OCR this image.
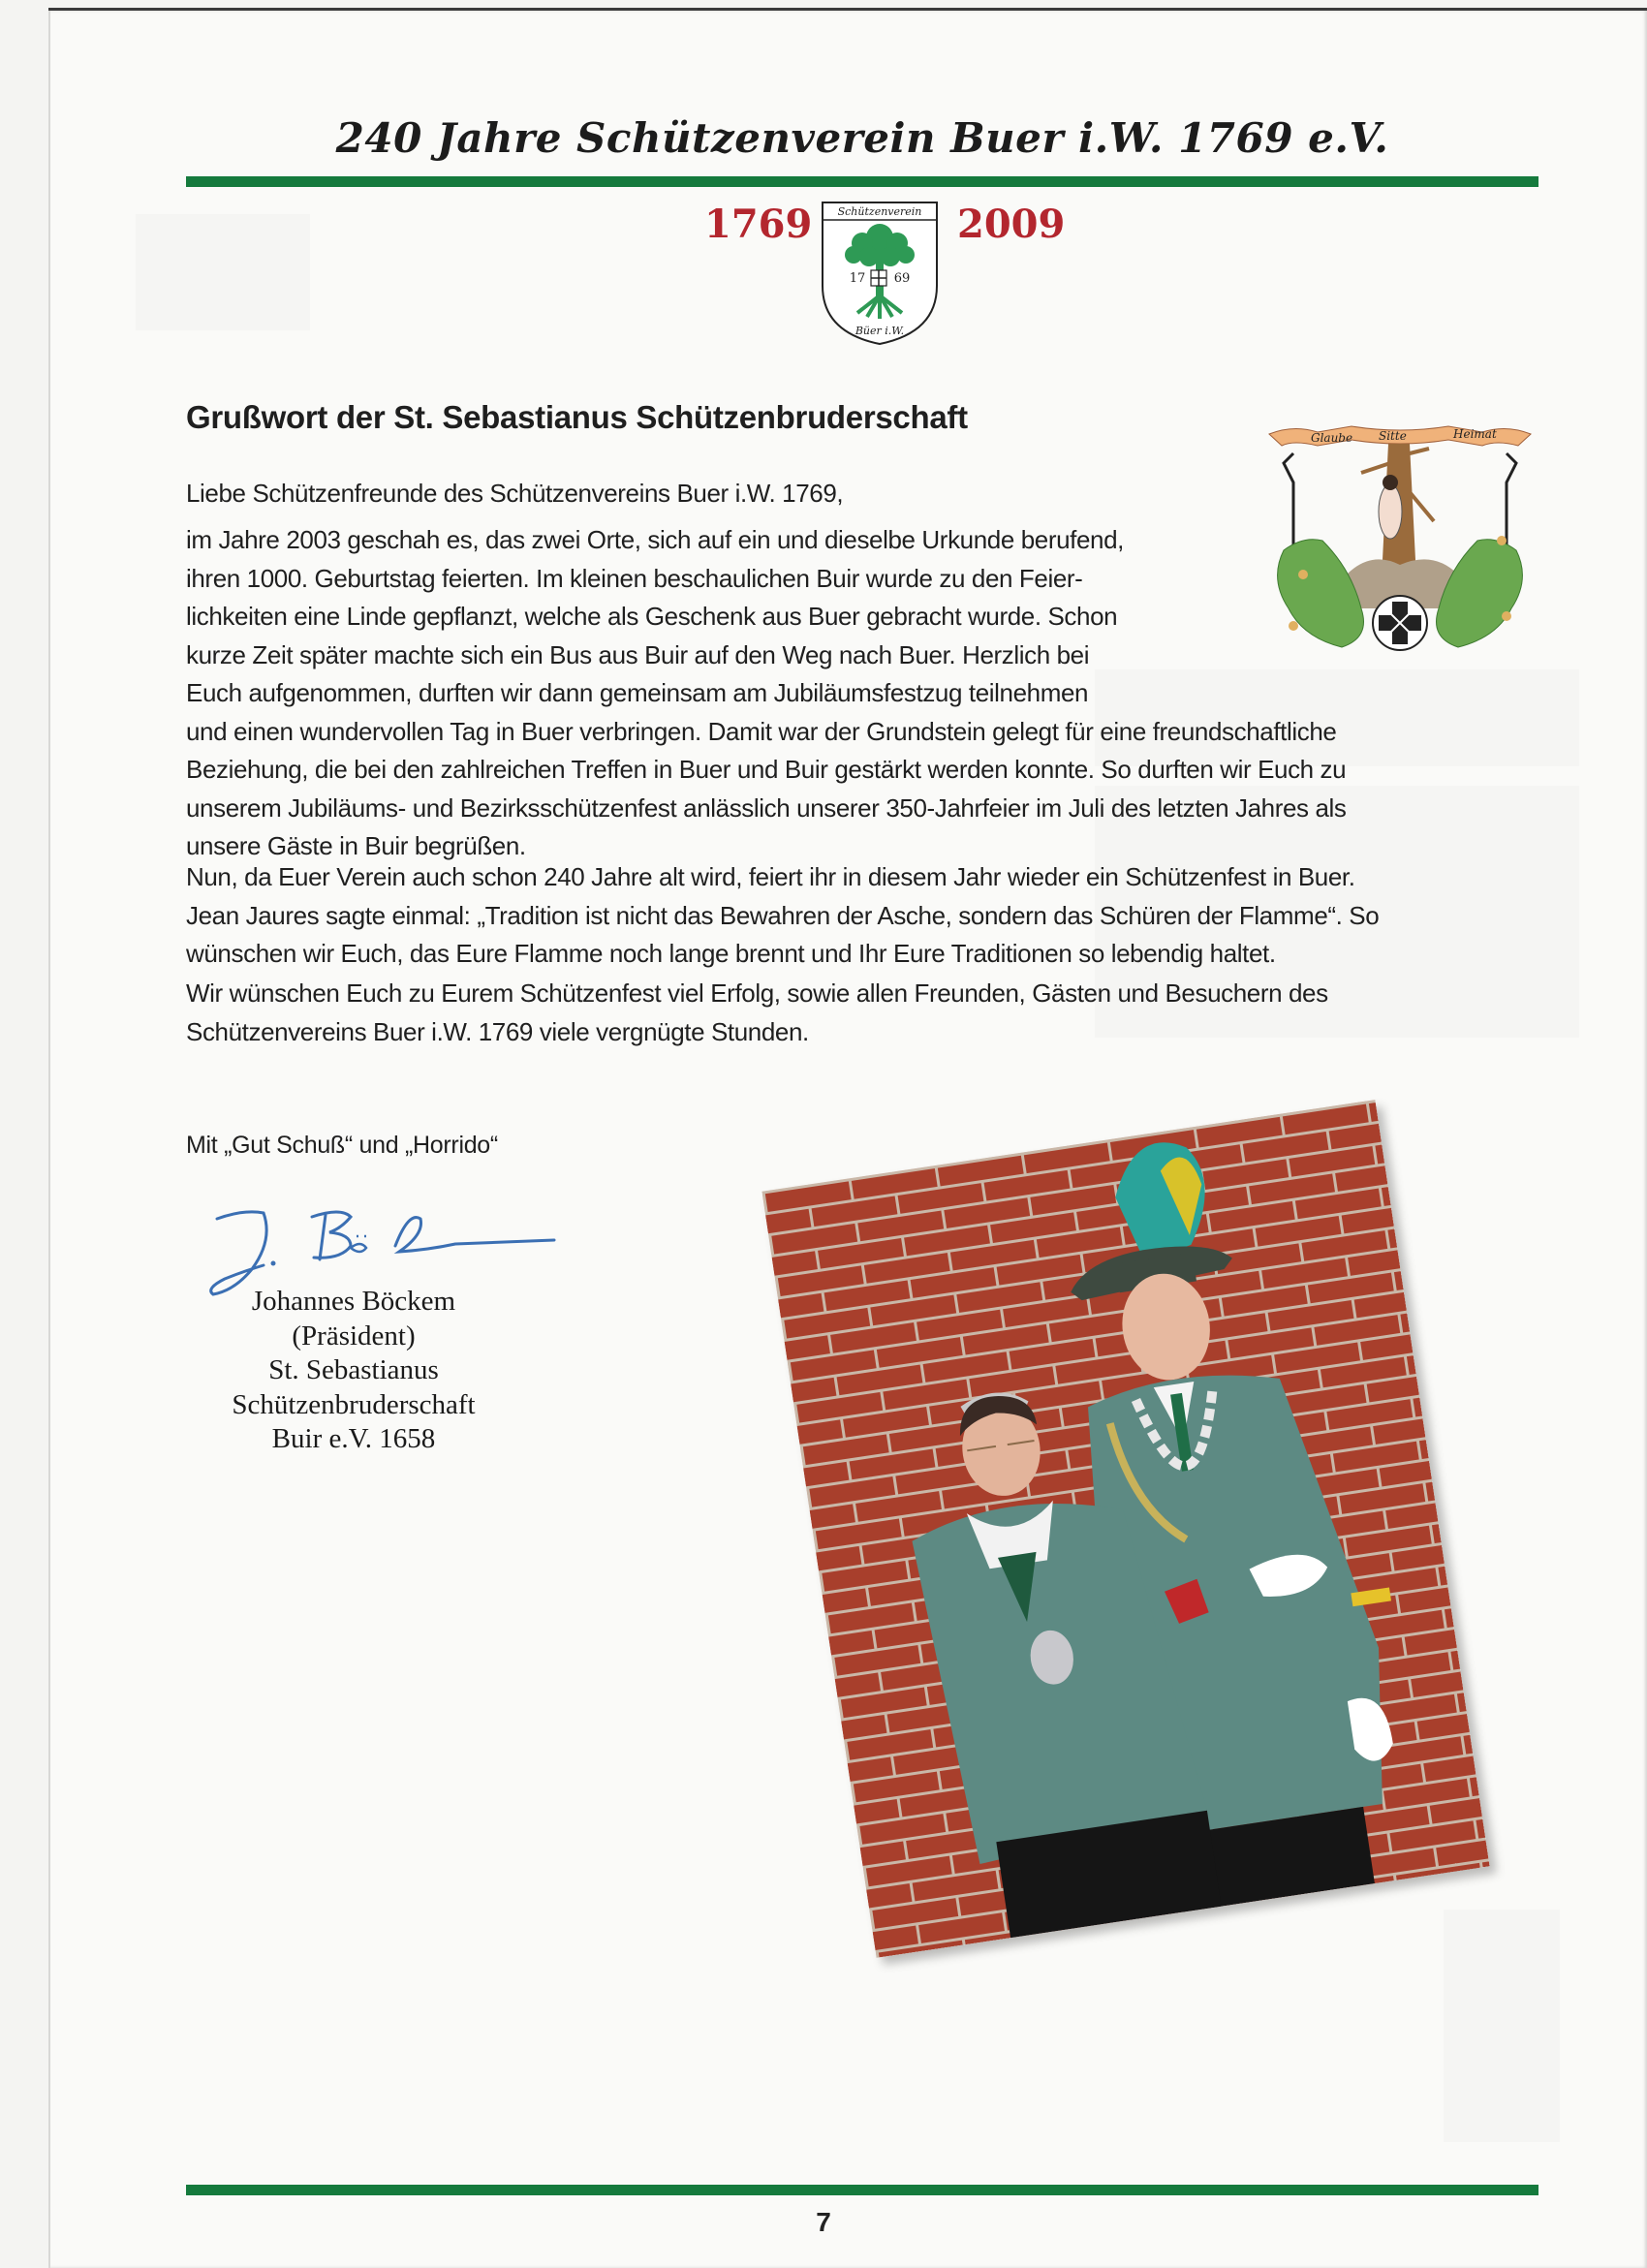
240 Jahre Schützenverein Buer i.W. 1769 e.V.
1769 Schützenverein
17 69
Büer i.W.
2009
Grußwort der St. Sebastianus Schützenbruderschaft
Glaube Sitte	Heimat

Liebe Schützenfreunde des Schützenvereins Buer i.W. 1769,

im Jahre 2003 geschah es, das zwei Orte, sich auf ein und dieselbe Urkunde berufend,
ihren 1000. Geburtstag feierten. Im kleinen beschaulichen Buir wurde zu den Feier-
lichkeiten eine Linde gepflanzt, welche als Geschenk aus Buer gebracht wurde. Schon
kurze Zeit später machte sich ein Bus aus Buir auf den Weg nach Buer. Herzlich bei
Euch aufgenommen, durften wir dann gemeinsam am Jubiläumsfestzug teilnehmen
und einen wundervollen Tag in Buer verbringen. Damit war der Grundstein gelegt für eine freundschaftliche
Beziehung, die bei den zahlreichen Treffen in Buer und Buir gestärkt werden konnte. So durften wir Euch zu
unserem Jubiläums- und Bezirksschützenfest anlässlich unserer 350-Jahrfeier im Juli des letzten Jahres als
unsere Gäste in Buir begrüßen.

Nun, da Euer Verein auch schon 240 Jahre alt wird, feiert ihr in diesem Jahr wieder ein Schützenfest in Buer.
Jean Jaures sagte einmal: „Tradition ist nicht das Bewahren der Asche, sondern das Schüren der Flamme“. So
wünschen wir Euch, das Eure Flamme noch lange brennt und Ihr Eure Traditionen so lebendig haltet.

Wir wünschen Euch zu Eurem Schützenfest viel Erfolg, sowie allen Freunden, Gästen und Besuchern des
Schützenvereins Buer i.W. 1769 viele vergnügte Stunden.

Mit „Gut Schuß“ und „Horrido“
Johannes Böckem
(Präsident)
St. Sebastianus
Schützenbruderschaft
Buir e.V. 1658
7
